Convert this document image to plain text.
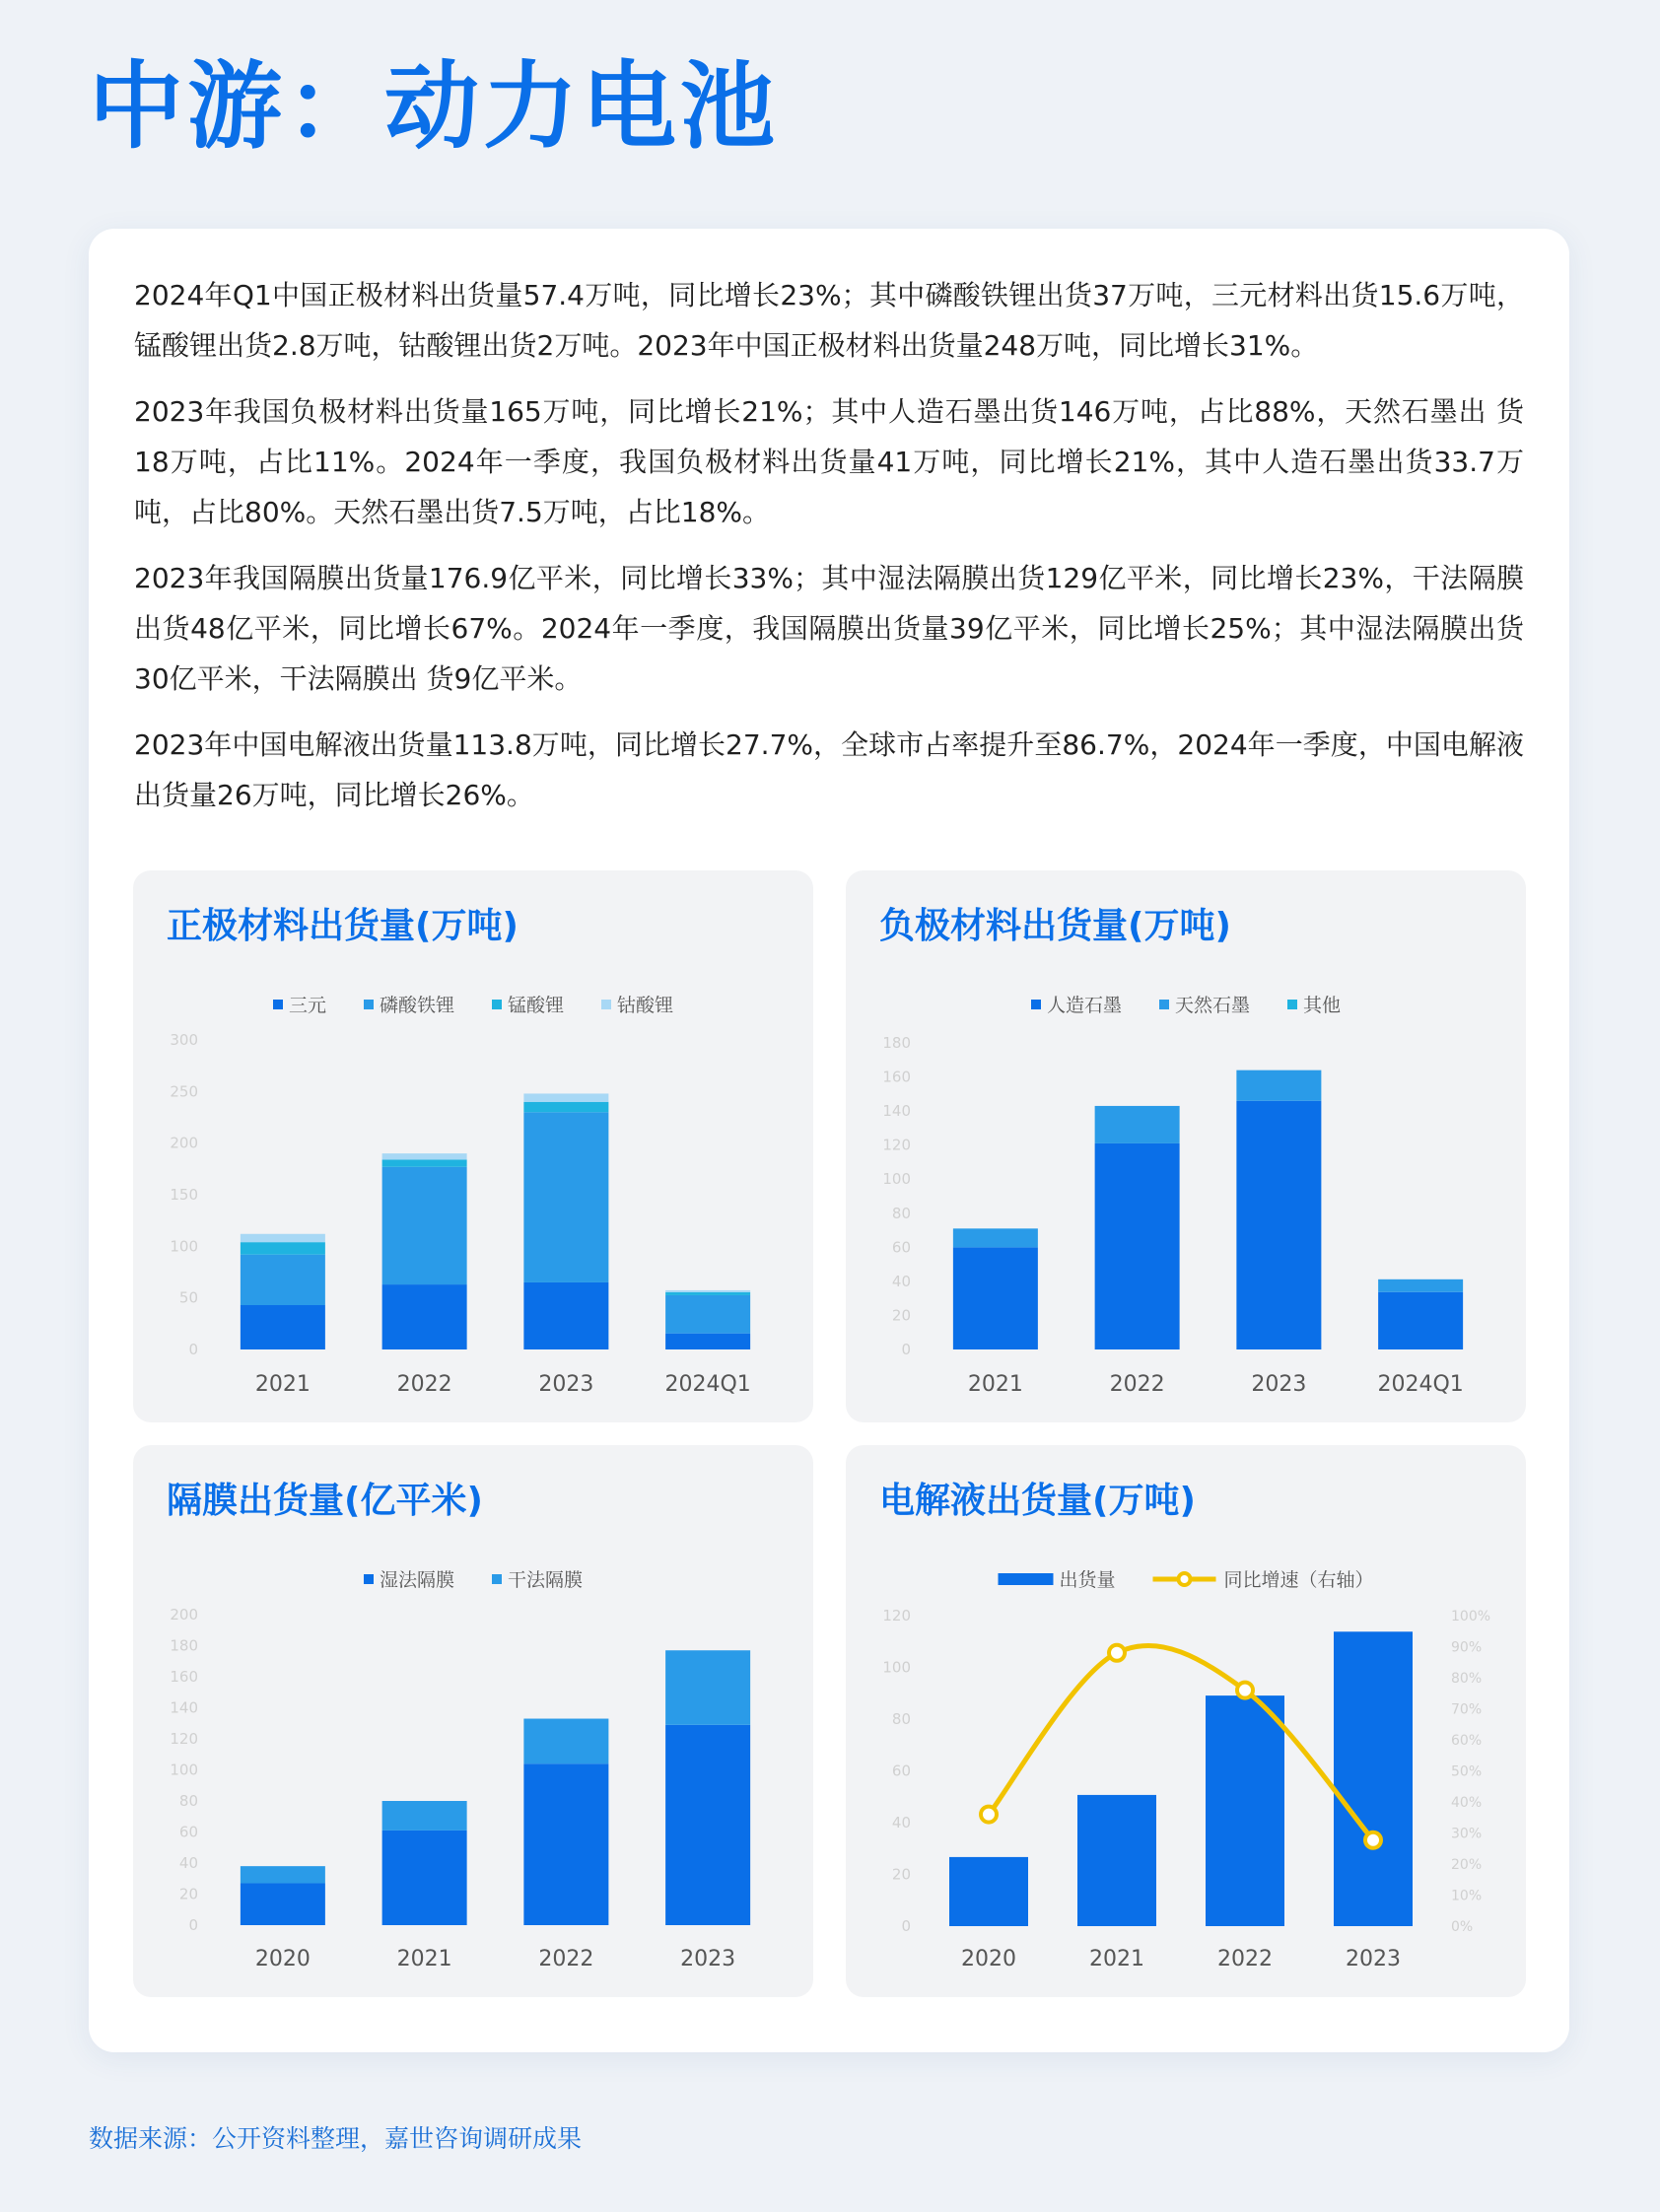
中游：动力电池

2024年Q1中国正极材料出货量57.4万吨，同比增长23%；其中磷酸铁锂出货37万吨，三元材料出货15.6万吨， 锰酸锂出货2.8万吨，钴酸锂出货2万吨。2023年中国正极材料出货量248万吨，同比增长31%。

2023年我国负极材料出货量165万吨，同比增长21%；其中人造石墨出货146万吨，占比88%，天然石墨出 货18万吨，占比11%。2024年一季度，我国负极材料出货量41万吨，同比增长21%，其中人造石墨出货33.7万吨，占比80%。天然石墨出货7.5万吨，占比18%。

2023年我国隔膜出货量176.9亿平米，同比增长33%；其中湿法隔膜出货129亿平米，同比增长23%，干法隔膜出货48亿平米，同比增长67%。2024年一季度，我国隔膜出货量39亿平米，同比增长25%；其中湿法隔膜出货30亿平米，干法隔膜出 货9亿平米。

2023年中国电解液出货量113.8万吨，同比增长27.7%，全球市占率提升至86.7%，2024年一季度，中国电解液出货量26万吨，同比增长26%。

正极材料出货量(万吨)
0
50
100
150
200
250
300
三元	磷酸铁锂	锰酸锂	钴酸锂
2021	2022	2023	2024Q1
负极材料出货量(万吨)
0
20
40
60
80
100
120
140
160
180
人造石墨	天然石墨	其他
2021	2022	2023	2024Q1
隔膜出货量(亿平米)
0
20
40
60
80
100
120
140
160
180
200
湿法隔膜	干法隔膜
2020	2021	2022	2023
电解液出货量(万吨)
0
20
40
60
80
100
120
出货量	同比增速（右轴）
2020	2021	2022	2023
0%
10%
20%
30%
40%
50%
60%
70%
80%
90%
100%

数据来源：公开资料整理，嘉世咨询调研成果
